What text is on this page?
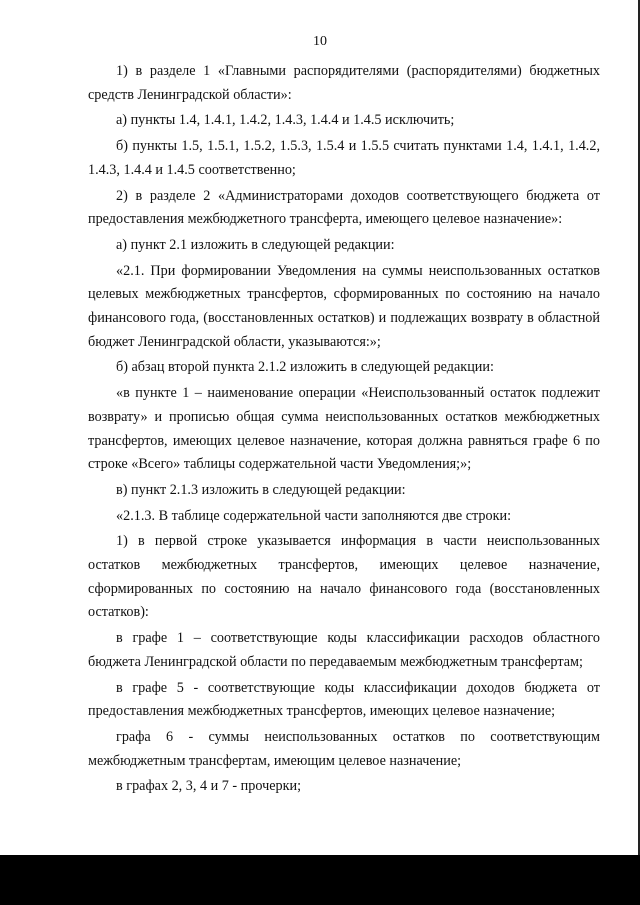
10

1) в разделе 1 «Главными распорядителями (распорядителями) бюджетных средств Ленинградской области»:

а) пункты 1.4, 1.4.1, 1.4.2, 1.4.3, 1.4.4 и 1.4.5 исключить;

б) пункты 1.5, 1.5.1, 1.5.2, 1.5.3, 1.5.4 и 1.5.5 считать пунктами 1.4, 1.4.1, 1.4.2, 1.4.3, 1.4.4 и 1.4.5 соответственно;

2) в разделе 2 «Администраторами доходов соответствующего бюджета от предоставления межбюджетного трансферта, имеющего целевое назначение»:

а) пункт 2.1 изложить в следующей редакции:

«2.1. При формировании Уведомления на суммы неиспользованных остатков целевых межбюджетных трансфертов, сформированных по состоянию на начало финансового года, (восстановленных остатков) и подлежащих возврату в областной бюджет Ленинградской области, указываются:»;

б) абзац второй пункта 2.1.2 изложить в следующей редакции:

«в пункте 1 – наименование операции «Неиспользованный остаток подлежит возврату» и прописью общая сумма неиспользованных остатков межбюджетных трансфертов, имеющих целевое назначение, которая должна равняться графе 6 по строке «Всего» таблицы содержательной части Уведомления;»;

в) пункт 2.1.3 изложить в следующей редакции:

«2.1.3. В таблице содержательной части заполняются две строки:

1) в первой строке указывается информация в части неиспользованных остатков межбюджетных трансфертов, имеющих целевое назначение, сформированных по состоянию на начало финансового года (восстановленных остатков):

в графе 1 – соответствующие коды классификации расходов областного бюджета Ленинградской области по передаваемым межбюджетным трансфертам;

в графе 5 - соответствующие коды классификации доходов бюджета от предоставления межбюджетных трансфертов, имеющих целевое назначение;

графа 6 - суммы неиспользованных остатков по соответствующим межбюджетным трансфертам, имеющим целевое назначение;

в графах 2, 3, 4 и 7 - прочерки;
